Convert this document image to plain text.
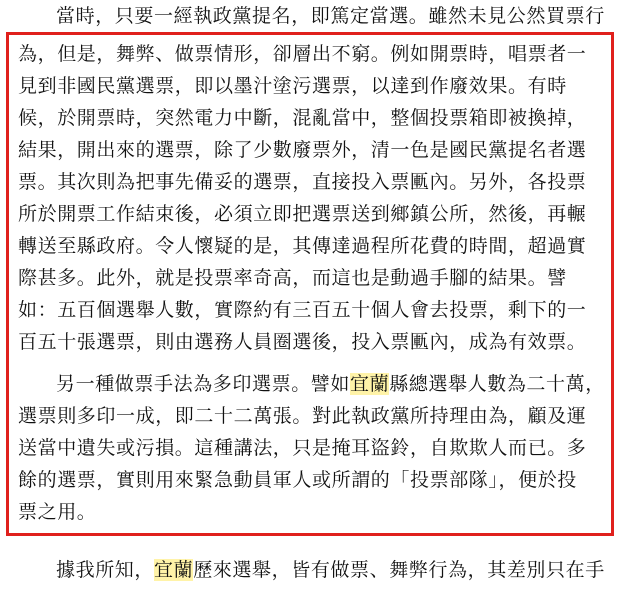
當時，只要一經執政黨提名，即篤定當選。雖然未見公然買票行
為，但是，舞弊、做票情形，卻層出不窮。例如開票時，唱票者一
見到非國民黨選票，即以墨汁塗污選票，以達到作廢效果。有時
候，於開票時，突然電力中斷，混亂當中，整個投票箱即被換掉，
結果，開出來的選票，除了少數廢票外，清一色是國民黨提名者選
票。其次則為把事先備妥的選票，直接投入票匭內。另外，各投票
所於開票工作結束後，必須立即把選票送到鄉鎮公所，然後，再輾
轉送至縣政府。令人懷疑的是，其傳達過程所花費的時間，超過實
際甚多。此外，就是投票率奇高，而這也是動過手腳的結果。譬
如：五百個選舉人數，實際約有三百五十個人會去投票，剩下的一
百五十張選票，則由選務人員圈選後，投入票匭內，成為有效票。
另一種做票手法為多印選票。譬如宜蘭縣總選舉人數為二十萬，
選票則多印一成，即二十二萬張。對此執政黨所持理由為，顧及運
送當中遺失或污損。這種講法，只是掩耳盜鈴，自欺欺人而已。多
餘的選票，實則用來緊急動員軍人或所謂的「投票部隊」，便於投
票之用。
據我所知，宜蘭歷來選舉，皆有做票、舞弊行為，其差別只在手
